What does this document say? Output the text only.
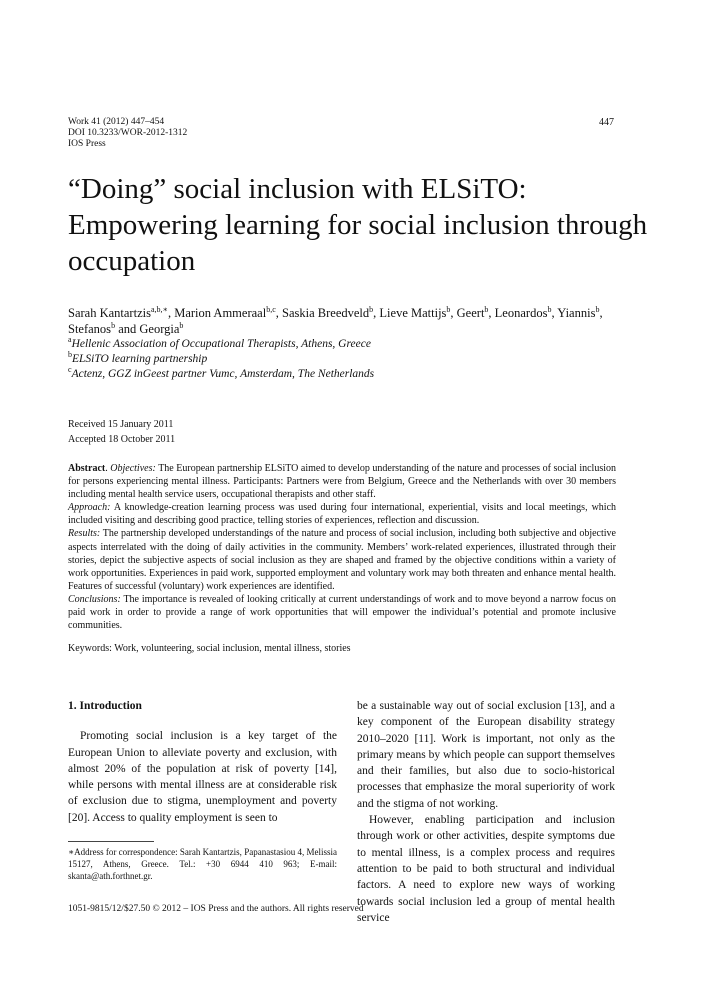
Work 41 (2012) 447–454
DOI 10.3233/WOR-2012-1312
IOS Press
447
“Doing” social inclusion with ELSiTO: Empowering learning for social inclusion through occupation
Sarah Kantartzis$^{a,b,∗}$, Marion Ammeraal$^{b,c}$, Saskia Breedveld$^b$, Lieve Mattijs$^b$, Geert$^b$, Leonardos$^b$, Yiannis$^b$, Stefanos$^b$ and Georgia$^b$
$^a$Hellenic Association of Occupational Therapists, Athens, Greece
$^b$ELSiTO learning partnership
$^c$Actenz, GGZ inGeest partner Vumc, Amsterdam, The Netherlands
Received 15 January 2011
Accepted 18 October 2011

Abstract. Objectives: The European partnership ELSiTO aimed to develop understanding of the nature and processes of social inclusion for persons experiencing mental illness. Participants: Partners were from Belgium, Greece and the Netherlands with over 30 members including mental health service users, occupational therapists and other staff.

Approach: A knowledge-creation learning process was used during four international, experiential, visits and local meetings, which included visiting and describing good practice, telling stories of experiences, reflection and discussion.

Results: The partnership developed understandings of the nature and process of social inclusion, including both subjective and objective aspects interrelated with the doing of daily activities in the community. Members’ work-related experiences, illustrated through their stories, depict the subjective aspects of social inclusion as they are shaped and framed by the objective conditions within a variety of work opportunities. Experiences in paid work, supported employment and voluntary work may both threaten and enhance mental health. Features of successful (voluntary) work experiences are identified.

Conclusions: The importance is revealed of looking critically at current understandings of work and to move beyond a narrow focus on paid work in order to provide a range of work opportunities that will empower the individual’s potential and promote inclusive communities.

Keywords: Work, volunteering, social inclusion, mental illness, stories
1. Introduction

Promoting social inclusion is a key target of the European Union to alleviate poverty and exclusion, with almost 20% of the population at risk of poverty [14], while persons with mental illness are at considerable risk of exclusion due to stigma, unemployment and poverty [20]. Access to quality employment is seen to

be a sustainable way out of social exclusion [13], and a key component of the European disability strategy 2010–2020 [11]. Work is important, not only as the primary means by which people can support themselves and their families, but also due to socio-historical processes that emphasize the moral superiority of work and the stigma of not working.

However, enabling participation and inclusion through work or other activities, despite symptoms due to mental illness, is a complex process and requires attention to be paid to both structural and individual factors. A need to explore new ways of working towards social inclusion led a group of mental health service

∗Address for correspondence: Sarah Kantartzis, Papanastasiou 4, Melissia 15127, Athens, Greece. Tel.: +30 6944 410 963; E-mail: skanta@ath.forthnet.gr.
1051-9815/12/$27.50 © 2012 – IOS Press and the authors. All rights reserved
